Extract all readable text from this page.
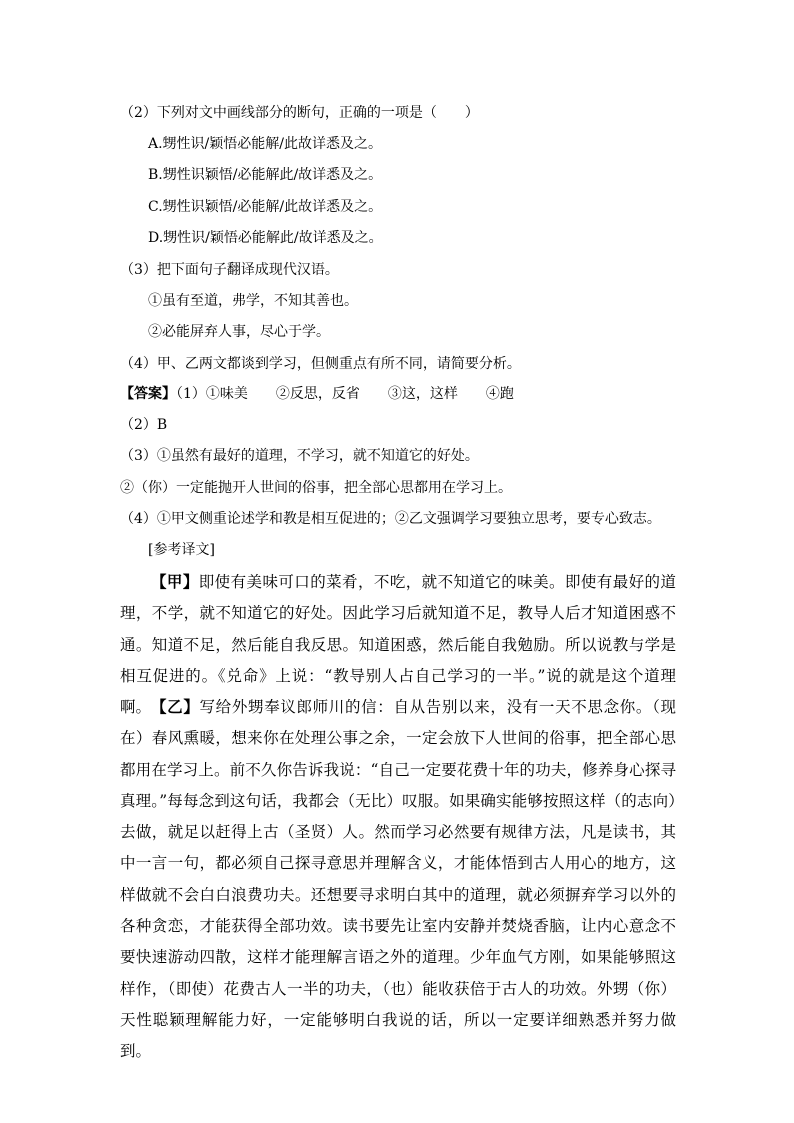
（2）下列对文中画线部分的断句，正确的一项是（　　）
A.甥性识/颖悟必能解/此故详悉及之。
B.甥性识颖悟/必能解此/故详悉及之。
C.甥性识颖悟/必能解/此故详悉及之。
D.甥性识/颖悟必能解此/故详悉及之。
（3）把下面句子翻译成现代汉语。
①虽有至道，弗学，不知其善也。
②必能屏弃人事，尽心于学。
（4）甲、乙两文都谈到学习，但侧重点有所不同，请简要分析。
【答案】（1）①味美　　②反思，反省　　③这，这样　　④跑
（2）B
（3）①虽然有最好的道理，不学习，就不知道它的好处。
②（你）一定能抛开人世间的俗事，把全部心思都用在学习上。
（4）①甲文侧重论述学和教是相互促进的；②乙文强调学习要独立思考，要专心致志。
[参考译文]
【甲】即使有美味可口的菜肴，不吃，就不知道它的味美。即使有最好的道理，不学，就不知道它的好处。因此学习后就知道不足，教导人后才知道困惑不通。知道不足，然后能自我反思。知道困惑，然后能自我勉励。所以说教与学是相互促进的。《兑命》上说：“教导别人占自己学习的一半。”说的就是这个道理啊。 【乙】写给外甥奉议郎师川的信：自从告别以来，没有一天不思念你。（现在）春风熏暖，想来你在处理公事之余，一定会放下人世间的俗事，把全部心思都用在学习上。前不久你告诉我说：“自己一定要花费十年的功夫，修养身心探寻真理。”每每念到这句话，我都会（无比）叹服。如果确实能够按照这样（的志向）去做，就足以赶得上古（圣贤）人。然而学习必然要有规律方法，凡是读书，其中一言一句，都必须自己探寻意思并理解含义，才能体悟到古人用心的地方，这样做就不会白白浪费功夫。还想要寻求明白其中的道理，就必须摒弃学习以外的各种贪恋，才能获得全部功效。读书要先让室内安静并焚烧香脑，让内心意念不要快速游动四散，这样才能理解言语之外的道理。少年血气方刚，如果能够照这样作，（即使）花费古人一半的功夫，（也）能收获倍于古人的功效。外甥（你）天性聪颖理解能力好，一定能够明白我说的话，所以一定要详细熟悉并努力做到。
